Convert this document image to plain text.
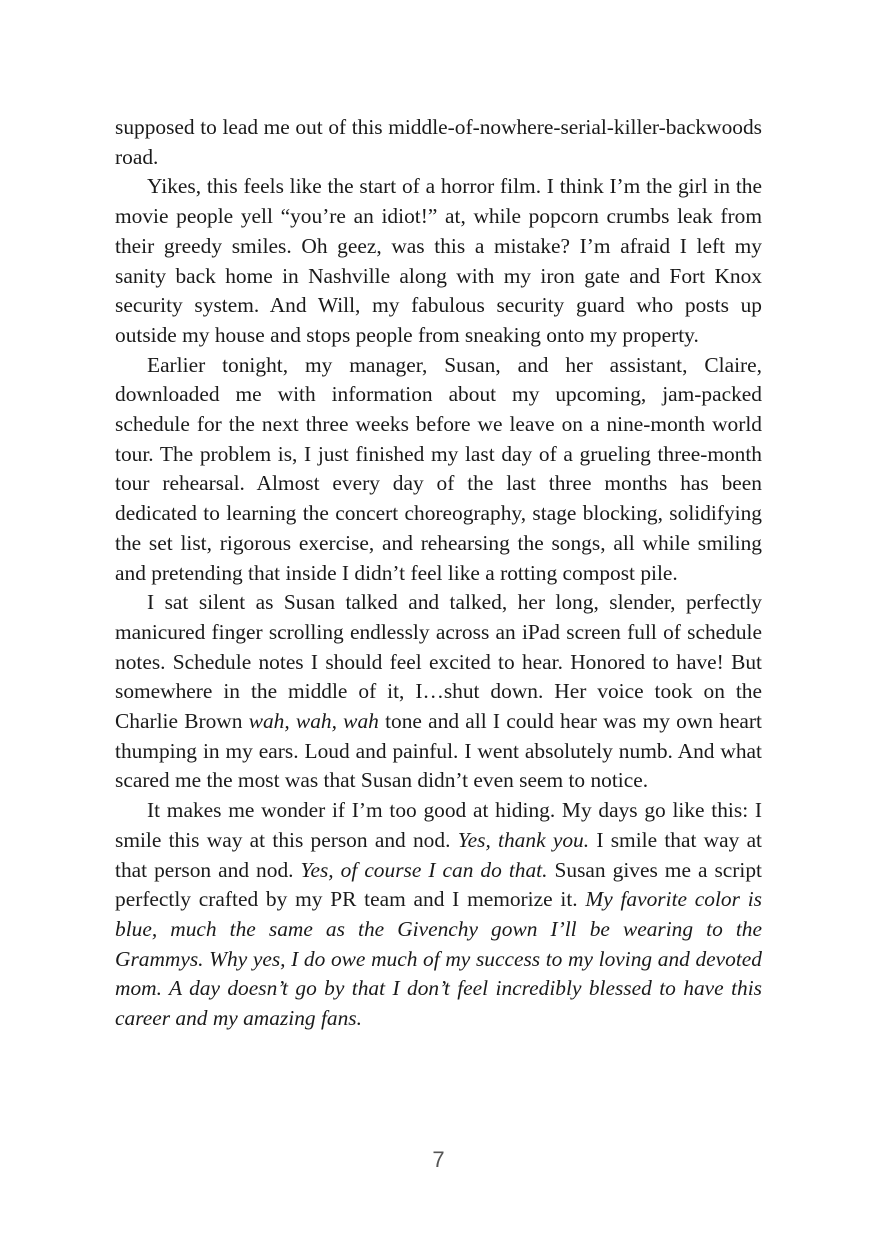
supposed to lead me out of this middle-of-nowhere-serial-killer-backwoods road.

Yikes, this feels like the start of a horror film. I think I’m the girl in the movie people yell “you’re an idiot!” at, while popcorn crumbs leak from their greedy smiles. Oh geez, was this a mistake? I’m afraid I left my sanity back home in Nashville along with my iron gate and Fort Knox security system. And Will, my fabulous security guard who posts up outside my house and stops people from sneaking onto my property.

Earlier tonight, my manager, Susan, and her assistant, Claire, downloaded me with information about my upcoming, jam-packed schedule for the next three weeks before we leave on a nine-month world tour. The problem is, I just finished my last day of a grueling three-month tour rehearsal. Almost every day of the last three months has been dedicated to learning the concert choreography, stage blocking, solidifying the set list, rigorous exercise, and rehearsing the songs, all while smiling and pretending that inside I didn’t feel like a rotting compost pile.

I sat silent as Susan talked and talked, her long, slender, perfectly manicured finger scrolling endlessly across an iPad screen full of schedule notes. Schedule notes I should feel excited to hear. Honored to have! But somewhere in the middle of it, I…shut down. Her voice took on the Charlie Brown wah, wah, wah tone and all I could hear was my own heart thumping in my ears. Loud and painful. I went absolutely numb. And what scared me the most was that Susan didn’t even seem to notice.

It makes me wonder if I’m too good at hiding. My days go like this: I smile this way at this person and nod. Yes, thank you. I smile that way at that person and nod. Yes, of course I can do that. Susan gives me a script perfectly crafted by my PR team and I memorize it. My favorite color is blue, much the same as the Givenchy gown I’ll be wearing to the Grammys. Why yes, I do owe much of my success to my loving and devoted mom. A day doesn’t go by that I don’t feel incredibly blessed to have this career and my amazing fans.

7
